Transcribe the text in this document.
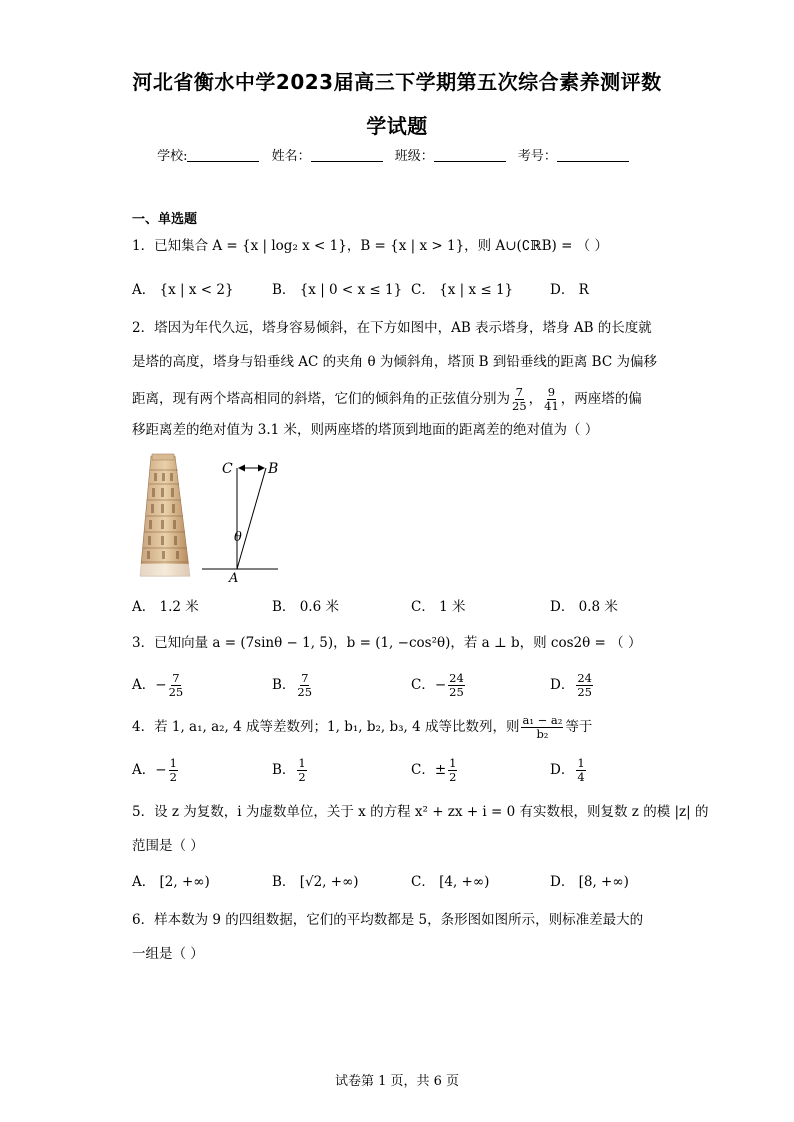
河北省衡水中学2023届高三下学期第五次综合素养测评数
学试题
学校:	姓名：	班级：	考号：
一、单选题
1．已知集合 A = {x | log₂ x < 1}，B = {x | x > 1}，则 A∪(∁ℝB) = （ ）
A． {x | x < 2}	B． {x | 0 < x ≤ 1} C． {x | x ≤ 1}	D． R
2．塔因为年代久远，塔身容易倾斜，在下方如图中，AB 表示塔身，塔身 AB 的长度就
是塔的高度，塔身与铅垂线 AC 的夹角 θ 为倾斜角，塔顶 B 到铅垂线的距离 BC 为偏移
距离，现有两个塔高相同的斜塔，它们的倾斜角的正弦值分别为 $\frac{7}{25}$ ， $\frac{9}{41}$ ，两座塔的偏
移距离差的绝对值为 3.1 米，则两座塔的塔顶到地面的距离差的绝对值为（ ）
C	B
θ
A
A． 1.2 米	B． 0.6 米	C． 1 米	D． 0.8 米
3．已知向量 a = (7sinθ − 1, 5)，b = (1, −cos²θ)，若 a ⊥ b，则 cos2θ = （ ）
A．− $\frac{7}{25}$	B． $\frac{7}{25}$	C．− $\frac{24}{25}$	D． $\frac{24}{25}$
4．若 1, a₁, a₂, 4 成等差数列；1, b₁, b₂, b₃, 4 成等比数列，则 $\frac{\text{a₁ − a₂}}{\text{b₂}}$ 等于
A．− $\frac{1}{2}$	B． $\frac{1}{2}$	C．± $\frac{1}{2}$	D． $\frac{1}{4}$
5．设 z 为复数，i 为虚数单位，关于 x 的方程 x² + zx + i = 0 有实数根，则复数 z 的模 |z| 的
范围是（ ）
A． [2, +∞)	B． [√2, +∞)	C． [4, +∞)	D． [8, +∞)
6．样本数为 9 的四组数据，它们的平均数都是 5，条形图如图所示，则标准差最大的
一组是（ ）
试卷第 1 页，共 6 页
